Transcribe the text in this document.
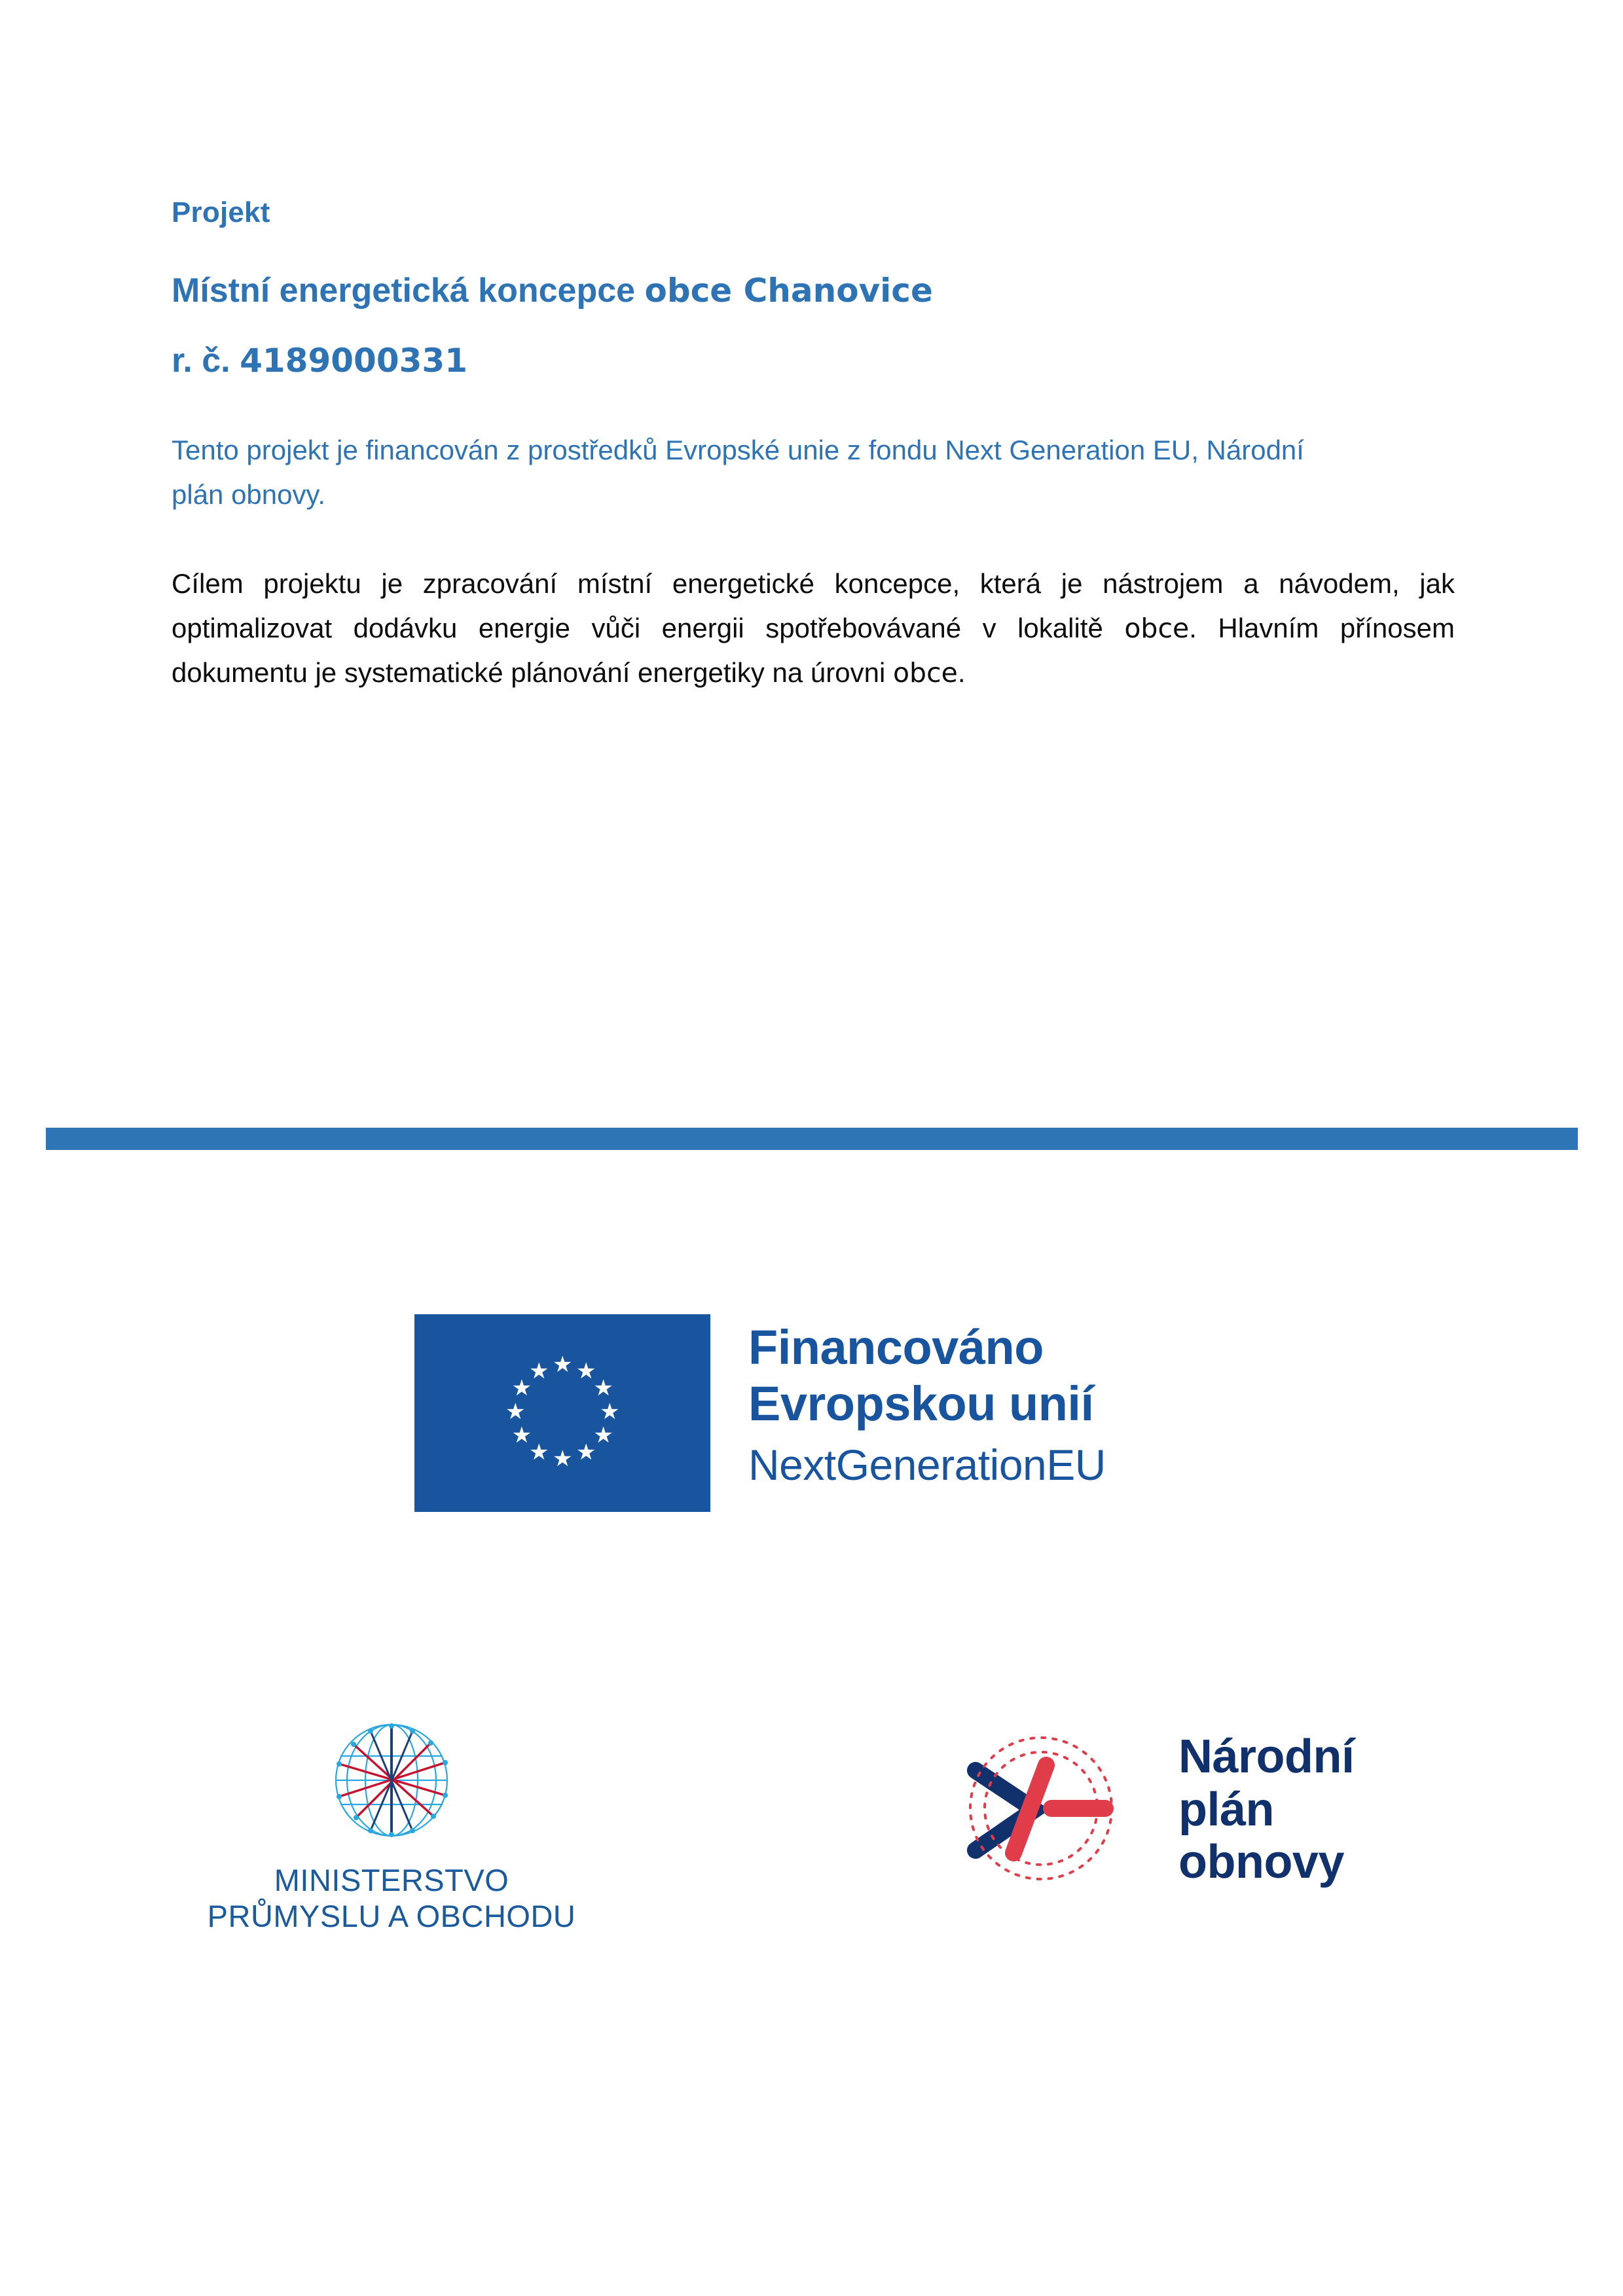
Projekt

Místní energetická koncepce obce Chanovice

r. č. 4189000331

Tento projekt je financován z prostředků Evropské unie z fondu Next Generation EU, Národní plán obnovy.

Cílem projektu je zpracování místní energetické koncepce, která je nástrojem a návodem, jak optimalizovat dodávku energie vůči energii spotřebovávané v lokalitě obce. Hlavním přínosem dokumentu je systematické plánování energetiky na úrovni obce.

★ ★
★
★
★
★
★
★
★
★
★
★	Financováno
Evropskou unií
NextGenerationEU
MINISTERSTVO
PRŮMYSLU A OBCHODU
Národní
plán
obnovy
